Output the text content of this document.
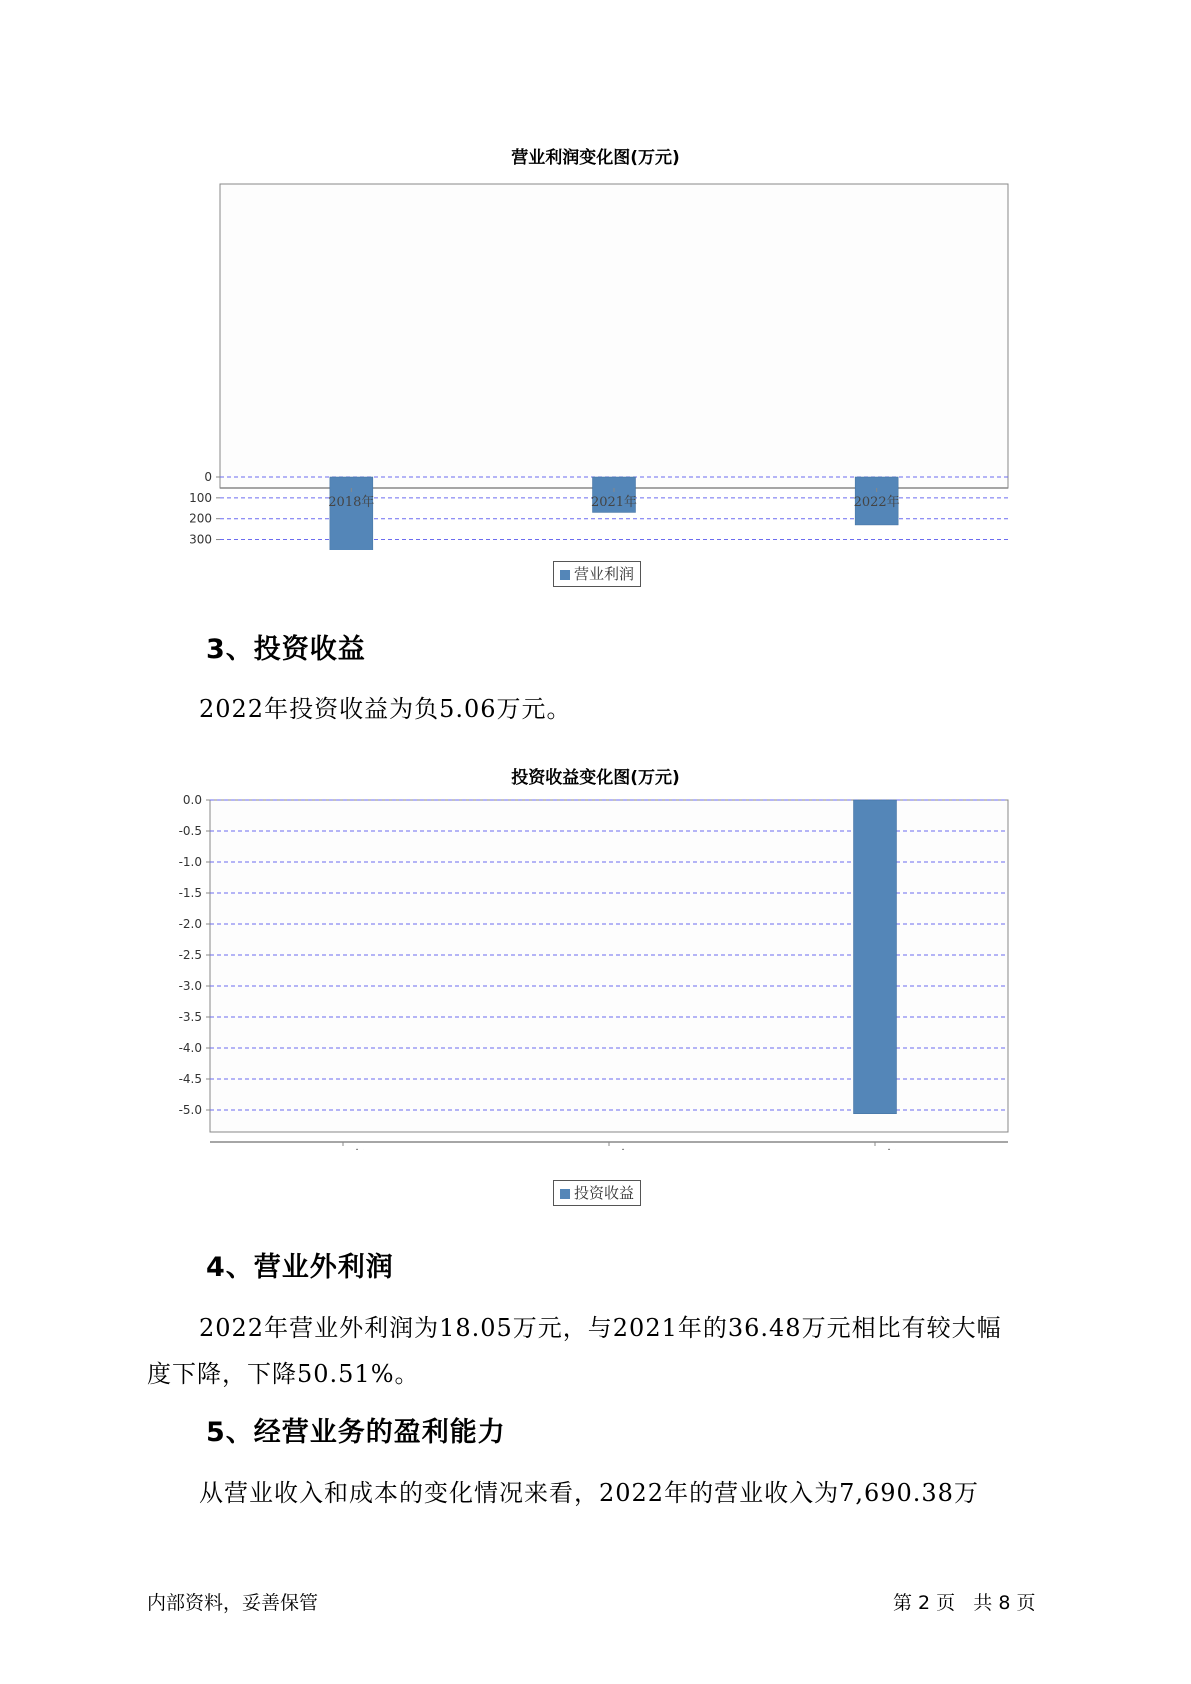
营业利润变化图(万元)
300
200
100
0
2018年	2021年	2022年
营业利润
3、投资收益

2022年投资收益为负5.06万元。

投资收益变化图(万元)
0.0
-0.5
-1.0
-1.5
-2.0
-2.5
-3.0
-3.5
-4.0
-4.5
-5.0
投资收益
4、营业外利润

2022年营业外利润为18.05万元，与2021年的36.48万元相比有较大幅
度下降，下降50.51%。

5、经营业务的盈利能力

从营业收入和成本的变化情况来看，2022年的营业收入为7,690.38万

内部资料，妥善保管	第 2 页   共 8 页
